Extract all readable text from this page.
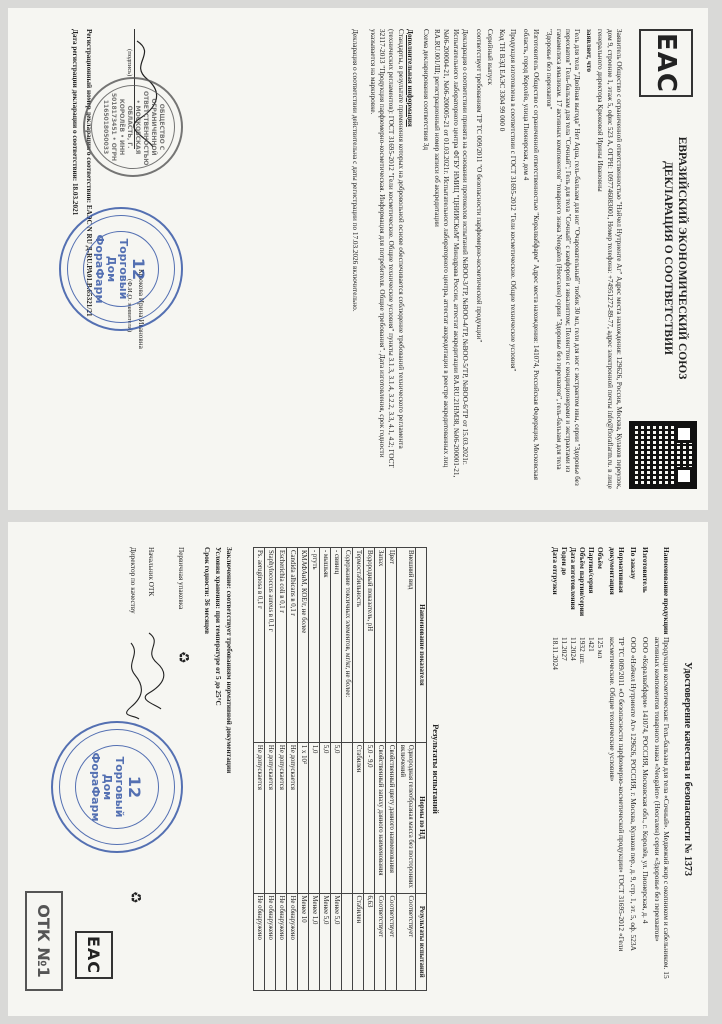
EAC
ЕВРАЗИЙСКИЙ ЭКОНОМИЧЕСКИЙ СОЮЗ
ДЕКЛАРАЦИЯ О СООТВЕТСТВИИ
Заявитель Общество с ограниченной ответственностью "Нэйчел Нутриенте Аг" Адрес места нахождения: 129626, Россия, Москва, Кулаков переулок, дом 9, строение 1, этаж 5, офис 523 А, ОГРН: 1097746083001, Номер телефона: +74951272-89-77, адрес электронной почты info@floraflarm.ru. в лице генерального директора Крюковой Ирины Ивановны
заявляет, что
Гель для тела "Двойная выгода" Нет Aqua, гель-бальзам для ног "Очаровательный" тюбик 30 мл, гели для ног с экстрактом ивы, серии "Здоровье без перехватов" Гель-бальзам для тела "Сочный"; Гель для тела "Сочный" с камфорой и эвкалиптом; Пеленгтон с кондиционерами и экстрактами из гамамелиса ямаликам. 17 активных компонентов" товарного знака Neogalen (Неогален) серии "Здоровье без перехватов", гель-бальзам для тела "Здоровье без перехватов"
Изготовитель Общество с ограниченной ответственностью "Коралвабфарм" Адрес места нахождения: 141074, Российская Федерация, Московская область, город Королёв, улица Пионерская, дом 4
Продукция изготовлена в соответствии с ГОСТ 31695-2012 "Гели косметические. Общие технические условия"
Код ТН ВЭД ЕАЭС 3304 99 000 0
Серийный выпуск
соответствует требованиям ТР ТС 009/2011 "О безопасности парфюмерно-косметической продукции"
Декларация о соответствии принята на основании протоколов испытаний №ВОО-3/ТР, №ВОО-4/ТР, №ВОО-5/ТР, №ВОО-6/ТР от 15.03.2021г. Испытательного лабораторного центра ФГБУ НМИЦ "ЦНИИСКиМ" Минздрава России, аттестат аккредитации RA.RU.21НМ38, №06-200001-21, №06-200004-21, №06-200005-21 от 01.03.2021г. Испытательного лабораторного центра, аттестат аккредитации в реестре аккредитованных лиц RA.RU.001/Ш; регистрационный номер записи об аккредитации
Схема декларирования соответствия 3д
Дополнительная информация
Стандарты, в результате применения которых на добровольной основе обеспечивается соблюдение требований технического регламента (технических регламентов): ГОСТ 31695-2012 "Гели косметические. Общие технические условия" пункты 3.1.3, 3.1.4, 3.2.2, 3.3, 4.1, 4.2; ГОСТ 32117-2013 "Продукция парфюмерно-косметическая. Информация для потребителя. Общие требования". Дата изготовления, срок годности указывается на маркировке.
Декларация о соответствии действительна с даты регистрации по 17.03.2026 включительно.
(подпись)
Крюкова Ирина Ивановна
(Ф.И.О. заявителя)
Регистрационный номер декларации о соответствии: ЕАЭС N RU Д-RU.РА01.В.65321/21
Дата регистрации декларации о соответствии: 18.03.2021
12
Торговый Дом ФораФарм
ОБЩЕСТВО С ОГРАНИЧЕННОЙ ОТВЕТСТВЕННОСТЬЮ • МОСКОВСКАЯ ОБЛАСТЬ, Г. КОРОЛЁВ • ИНН 5018173451 • ОГРН 1165018050033
Удостоверение качества и безопасности № 1373
Наименование продукции
Продукция косметическая: Гель-бальзам для тела «Сочный». Медвежий жир с окопником и сабельником. 15 активных компонентов товарного знака «Neogalen» (Неогален) серии «Здоровье без перехватов»
Изготовитель
ООО «Коралвабфарм» 141074, РОССИЯ, Московская обл., г. Королёв, ул. Пионерская, д. 4
По заказу
ООО «Нэйчел Нутриенте Аг» 129626, РОССИЯ, г. Москва, Кулаков пер., д. 9, стр. 1, эт. 5, оф. 523А
Нормативная документация
ТР ТС 009/2011 «О безопасности парфюмерно-косметической продукции» ГОСТ 31695-2012 «Гели косметические. Общие технические условия»
Объём
125 мл
Партия/серия
1421
Объём партии/серии
1932 шт.
Дата изготовления
11.2024
Годен до
11.2027
Дата отгрузки
18.11.2024
Результаты испытаний
Наименование показателя	Нормы по НД	Результаты испытаний
Внешний вид	Однородная гелеобразная масса без посторонних включений	Соответствует
Цвет	Свойственный цвету данного наименования	Соответствует
Запах	Свойственный запаху данного наименования	Соответствует
Водородный показатель, pH	5,0 - 9,0	6,63
Термостабильность	Стабилен	Стабилен
Содержание токсичных элементов, мг/кг, не более:		
- свинец	5,0	Менее 5,0
- мышьяк	5,0	Менее 5,0
- ртуть	1,0	Менее 1,0
КМАФАнМ, КОЕ/г, не более	1 х 10³	Менее 10
Candida albicans в 0,1 г	Не допускается	Не обнаружено
Escherichia coli в 0,1 г	Не допускается	Не обнаружено
Staphylococcus aureus в 0,1 г	Не допускается	Не обнаружено
Ps. aeruginosa в 0,1 г	Не допускается	Не обнаружено
Заключение: соответствует требованиям нормативной документации
Условия хранения: при температуре от 5 до 25°С
Срок годности: 36 месяцев
Первичная упаковка
♻
♻
Начальник ОТК
Директор по качеству
12
Торговый Дом ФораФарм
EAC
ОТК №1
